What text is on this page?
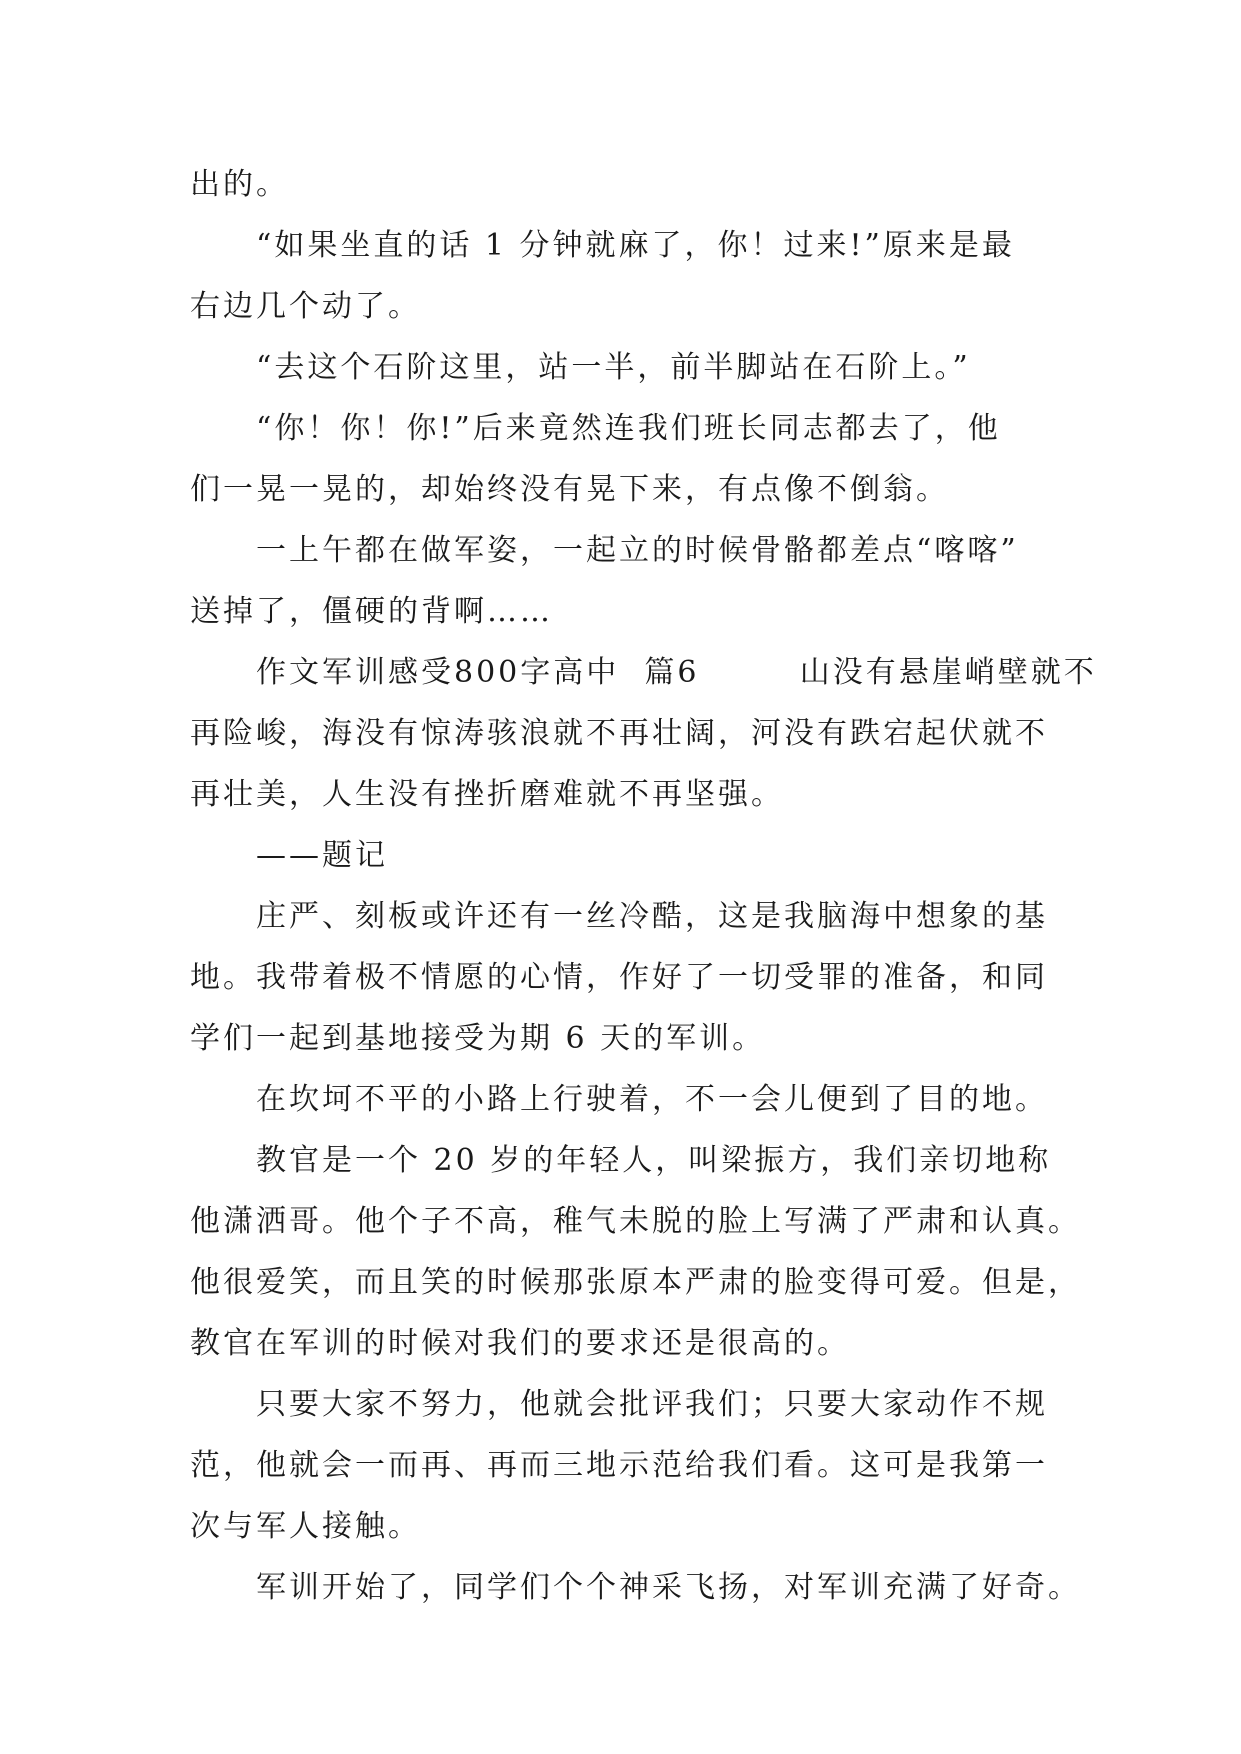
出的。
“如果坐直的话 1 分钟就麻了，你！过来!”原来是最
右边几个动了。
“去这个石阶这里，站一半，前半脚站在石阶上。”
“你！你！你!”后来竟然连我们班长同志都去了，他
们一晃一晃的，却始终没有晃下来，有点像不倒翁。
一上午都在做军姿，一起立的时候骨骼都差点“喀喀”
送掉了，僵硬的背啊……
作文军训感受800字高中  篇6        山没有悬崖峭壁就不
再险峻，海没有惊涛骇浪就不再壮阔，河没有跌宕起伏就不
再壮美，人生没有挫折磨难就不再坚强。
——题记
庄严、刻板或许还有一丝冷酷，这是我脑海中想象的基
地。我带着极不情愿的心情，作好了一切受罪的准备，和同
学们一起到基地接受为期 6 天的军训。
在坎坷不平的小路上行驶着，不一会儿便到了目的地。
教官是一个 20 岁的年轻人，叫梁振方，我们亲切地称
他潇洒哥。他个子不高，稚气未脱的脸上写满了严肃和认真。
他很爱笑，而且笑的时候那张原本严肃的脸变得可爱。但是，
教官在军训的时候对我们的要求还是很高的。
只要大家不努力，他就会批评我们；只要大家动作不规
范，他就会一而再、再而三地示范给我们看。这可是我第一
次与军人接触。
军训开始了，同学们个个神采飞扬，对军训充满了好奇。
